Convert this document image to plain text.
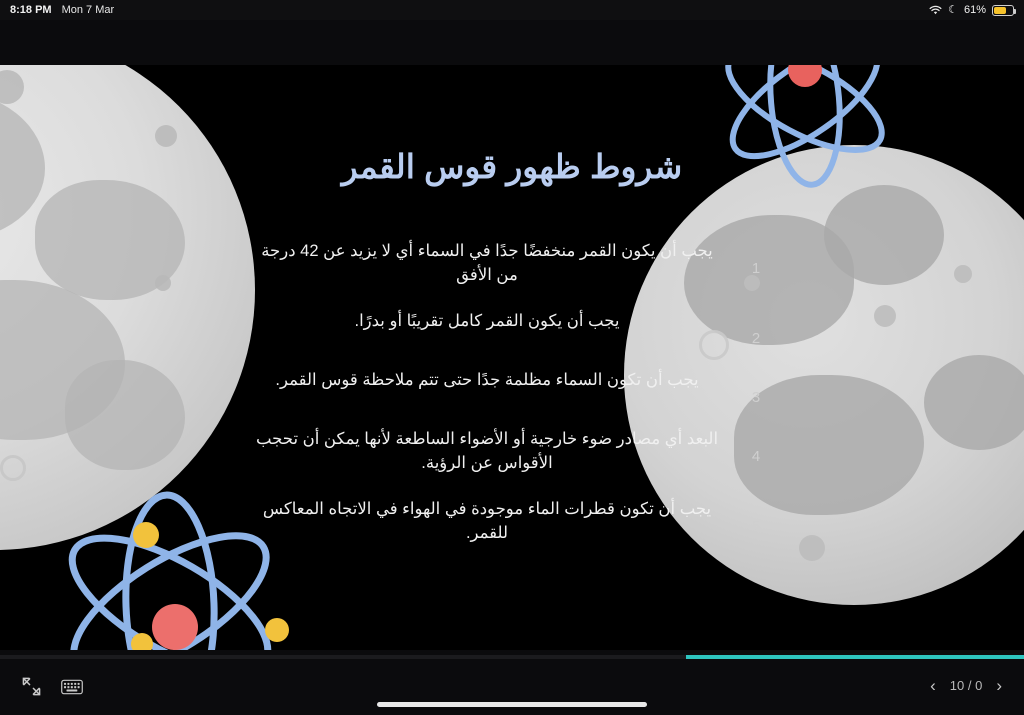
8:18 PM Mon 7 Mar	☾ 61%
شروط ظهور قوس القمر
1
يجب أن يكون القمر منخفضًا جدًا في السماء أي لا يزيد عن 42 درجة من الأفق
2
يجب أن يكون القمر كامل تقريبًا أو بدرًا.
3
يجب أن تكون السماء مظلمة جدًا حتى تتم ملاحظة قوس القمر.
4
البعد أي مصادر ضوء خارجية أو الأضواء الساطعة لأنها يمكن أن تحجب الأقواس عن الرؤية.
5
يجب أن تكون قطرات الماء موجودة في الهواء في الاتجاه المعاكس للقمر.
‹ 10 / 0 ›
